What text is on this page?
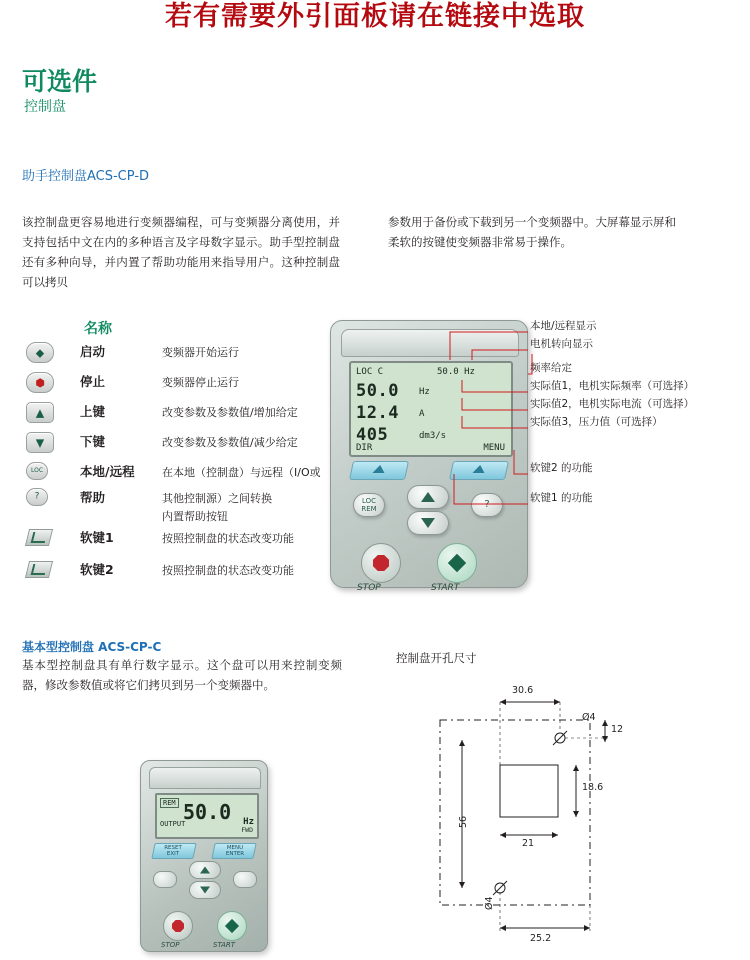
若有需要外引面板请在链接中选取
可选件
控制盘
助手控制盘ACS-CP-D
该控制盘更容易地进行变频器编程，可与变频器分离使用，并支持包括中文在内的多种语言及字母数字显示。助手型控制盘还有多种向导，并内置了帮助功能用来指导用户。这种控制盘可以拷贝
参数用于备份或下载到另一个变频器中。大屏幕显示屏和柔软的按键使变频器非常易于操作。
名称
◆	启动	变频器开始运行
⬢	停止	变频器停止运行
▲	上键	改变参数及参数值/增加给定
▼	下键	改变参数及参数值/减少给定
LOC	本地/远程 在本地（控制盘）与远程（I/O或
?	帮助	其他控制源）之间转换
内置帮助按钮
软键1	按照控制盘的状态改变功能
软键2	按照控制盘的状态改变功能
LOC C	50.0 Hz
50.0 Hz
12.4 A
405	dm3/s
DIR	MENU
LOC
REM	?
STOP	START
本地/远程显示
电机转向显示
频率给定
实际值1，电机实际频率（可选择）
实际值2，电机实际电流（可选择）
实际值3，压力值（可选择）
软键2 的功能
软键1 的功能
基本型控制盘 ACS-CP-C
基本型控制盘具有单行数字显示。这个盘可以用来控制变频器，修改参数值或将它们拷贝到另一个变频器中。
控制盘开孔尺寸
REM
OUTPUT
50.0 Hz
FWD
RESET
EXIT
MENU
ENTER
STOP	START
30.6
Ø4
12
18.6
21
56
Ø4
25.2
